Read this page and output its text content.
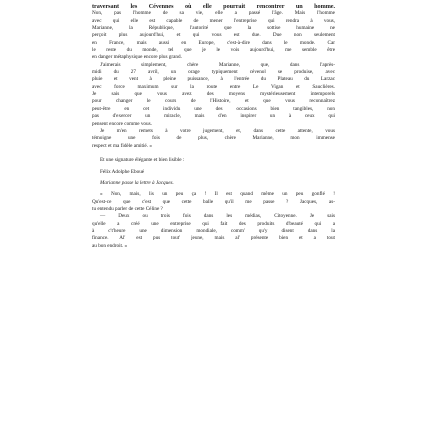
traversant les Cévennes où elle pourrait rencontrer un homme.
Non, pas l'homme de sa vie, elle a passé l'âge. Mais l'homme
avec qui elle est capable de mener l'entreprise qui rendra à vous,
Marianne, la République, l'autorité que la sottise humaine ne
perçoit plus aujourd'hui, et qui vous est due. Due non seulement
en France, mais aussi en Europe, c'est-à-dire dans le monde. Car
le reste du monde, tel que je le vois aujourd'hui, me semble être
en danger métaphysique encore plus grand.
J'aimerais simplement, chère Marianne, que, dans l'après-
midi du 27 avril, un orage typiquement cévenol se produise, avec
pluie et vent à pleine puissance, à l'entrée du Plateau du Larzac
avec force maximum sur la route entre Le Vigan et Sauclières.
Je sais que vous avez des moyens mystérieusement intemporels
pour changer le cours de l'Histoire, et que vous reconnaîtrez
peut-être en cet individu une des occasions bien tangibles, non
pas d'exercer un miracle, mais d'en inspirer un à ceux qui
pensent encore comme vous.
Je m'en remets à votre jugement, et, dans cette attente, vous
témoigne une fois de plus, chère Marianne, mon immense
respect et ma fidèle amitié. »
Et une signature élégante et bien lisible :
Félix Adolphe Eboué
Marianne passe la lettre à Jacques.
« Non, mais, lis un peu ça ! Il est quand même un peu gonflé !
Qu'est-ce que c'est que cette balle qu'il me passe ? Jacques, as-
tu entendu parler de cette Céline ?
— Deux ou trois fois dans les médias, Citoyenne. Je sais
qu'elle a créé une entreprise qui fait des produits d'beauté qui a
à c't'heure une dimension mondiale, comm' qu'y disent dans la
finance. Al' est pus tout' jeune, mais al' présente bien et a tout
au bon endroit. »
